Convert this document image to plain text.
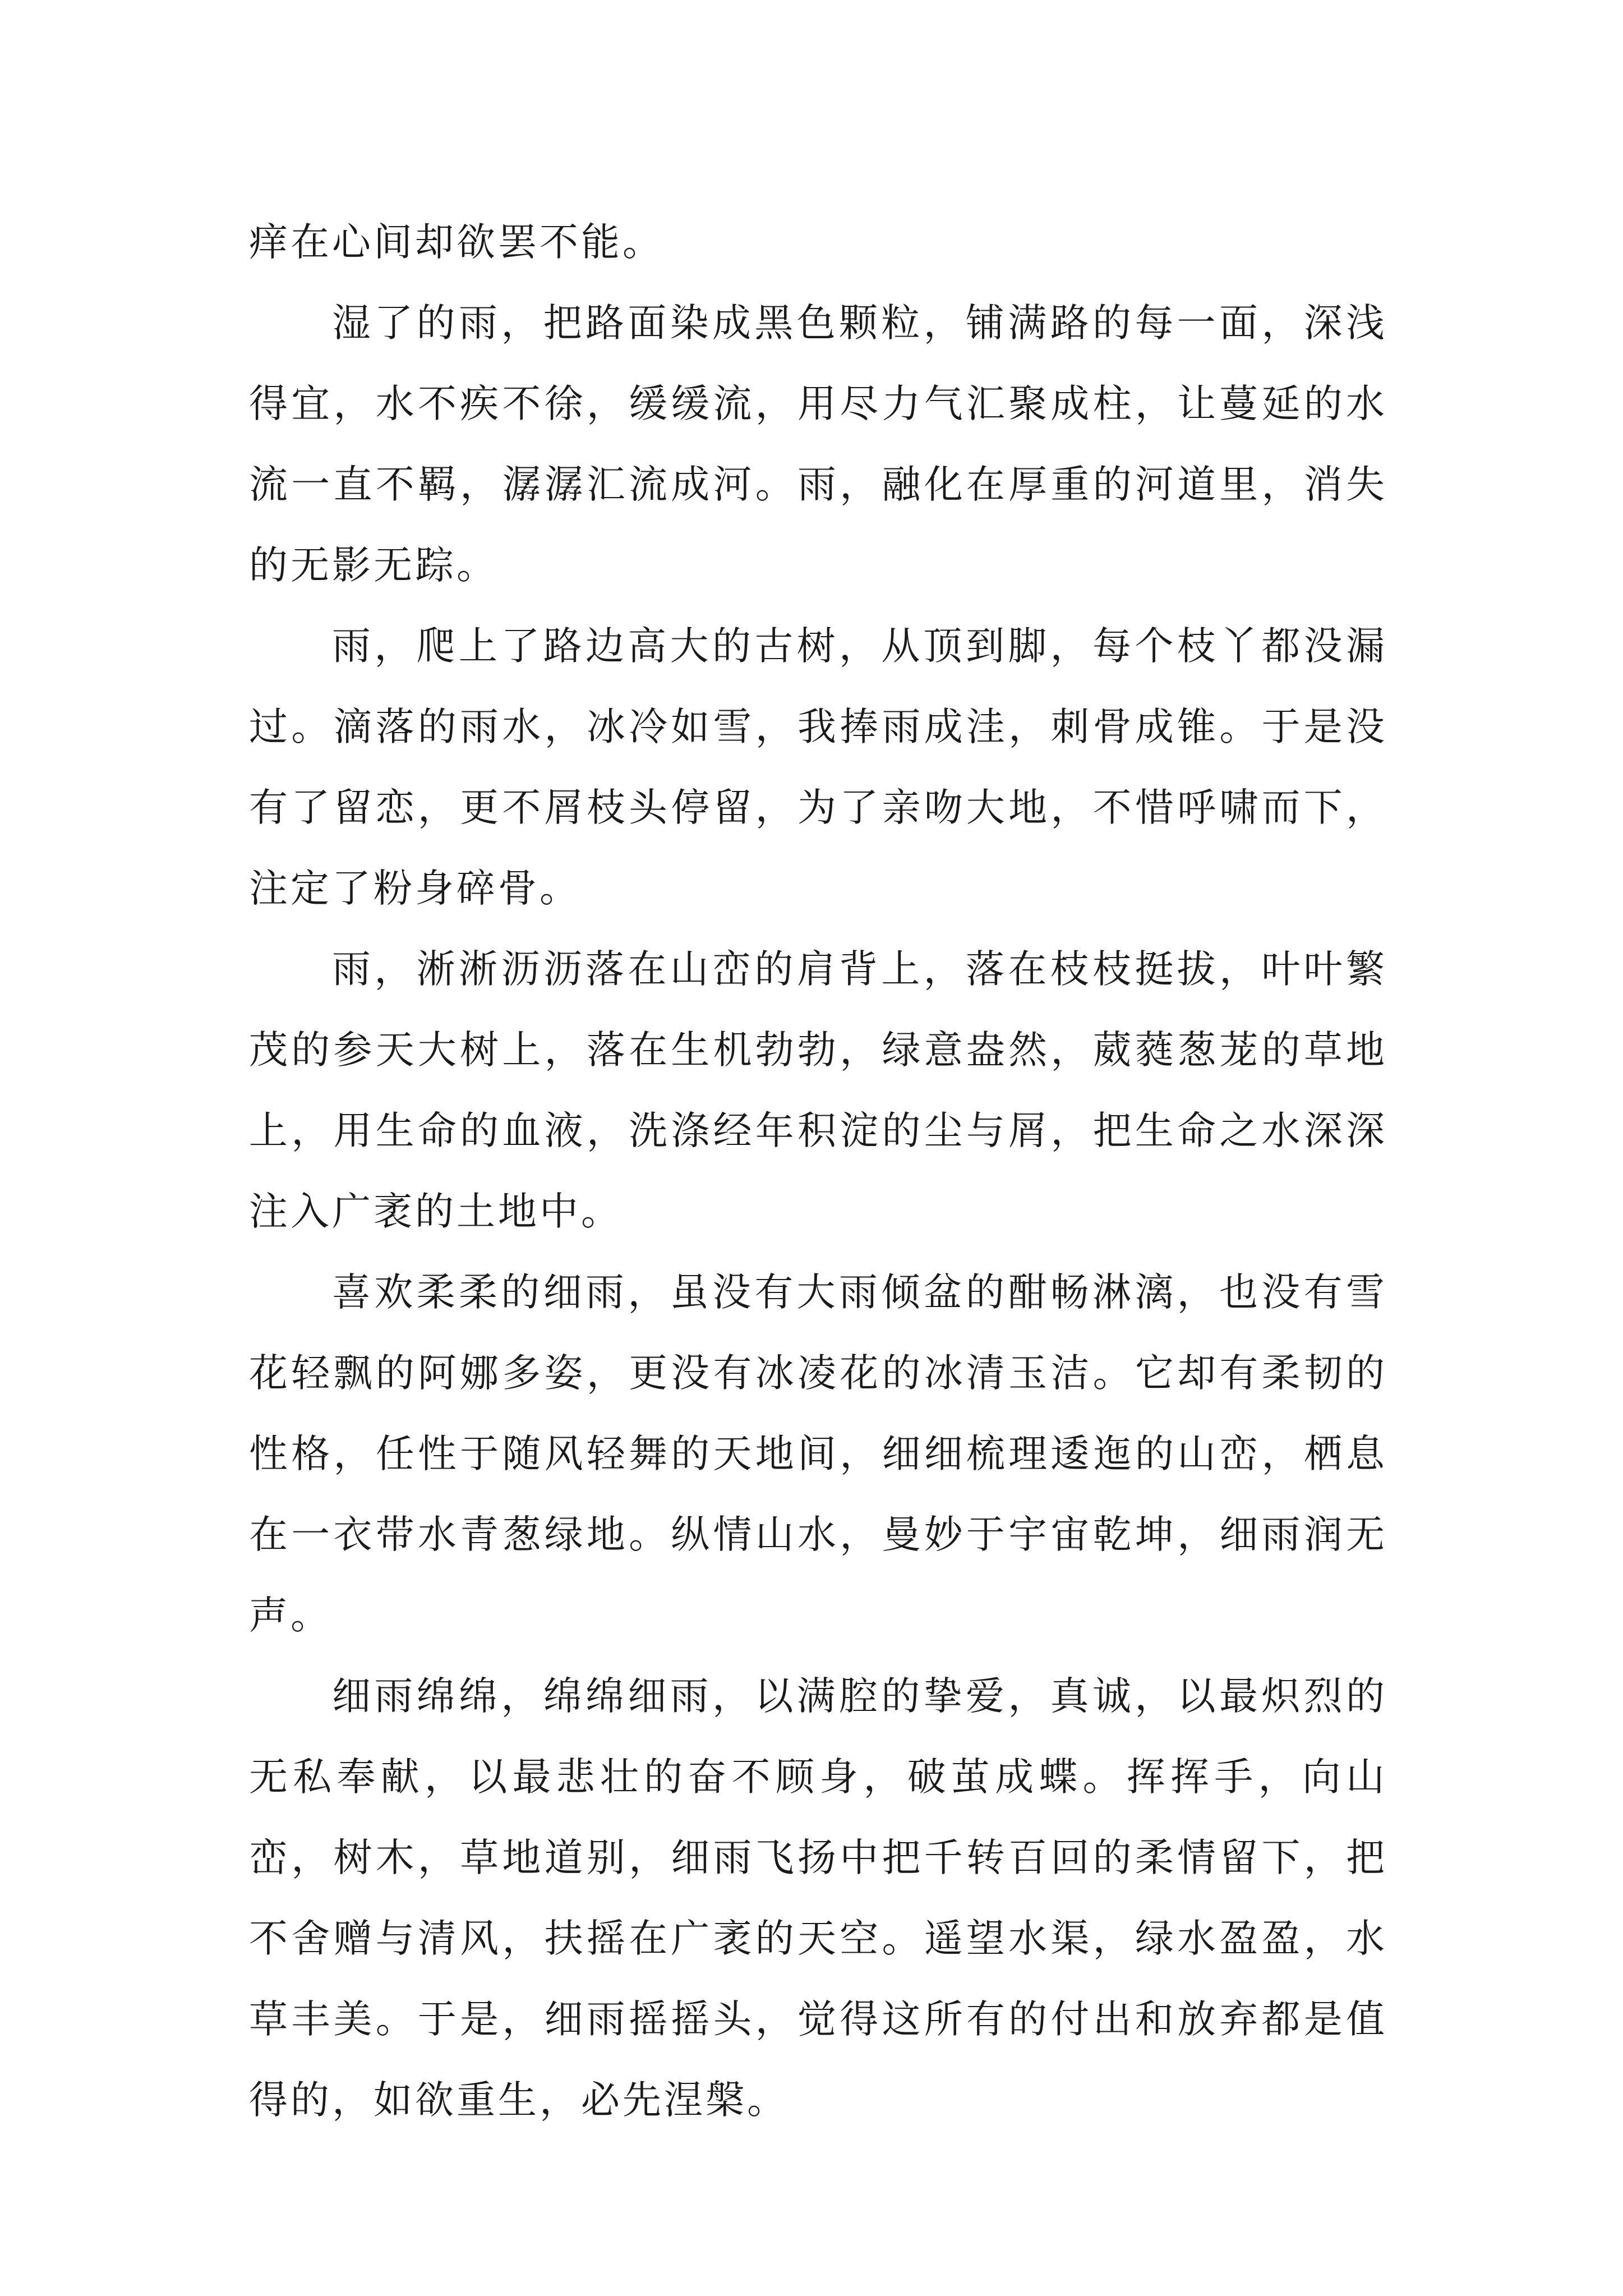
痒在心间却欲罢不能。

湿了的雨，把路面染成黑色颗粒，铺满路的每一面，深浅得宜，水不疾不徐，缓缓流，用尽力气汇聚成柱，让蔓延的水流一直不羁，潺潺汇流成河。雨，融化在厚重的河道里，消失的无影无踪。

雨，爬上了路边高大的古树，从顶到脚，每个枝丫都没漏过。滴落的雨水，冰冷如雪，我捧雨成洼，刺骨成锥。于是没有了留恋，更不屑枝头停留，为了亲吻大地，不惜呼啸而下，注定了粉身碎骨。

雨，淅淅沥沥落在山峦的肩背上，落在枝枝挺拔，叶叶繁茂的参天大树上，落在生机勃勃，绿意盎然，葳蕤葱茏的草地上，用生命的血液，洗涤经年积淀的尘与屑，把生命之水深深注入广袤的土地中。

喜欢柔柔的细雨，虽没有大雨倾盆的酣畅淋漓，也没有雪花轻飘的阿娜多姿，更没有冰凌花的冰清玉洁。它却有柔韧的性格，任性于随风轻舞的天地间，细细梳理逶迤的山峦，栖息在一衣带水青葱绿地。纵情山水，曼妙于宇宙乾坤，细雨润无声。

细雨绵绵，绵绵细雨，以满腔的挚爱，真诚，以最炽烈的无私奉献，以最悲壮的奋不顾身，破茧成蝶。挥挥手，向山峦，树木，草地道别，细雨飞扬中把千转百回的柔情留下，把不舍赠与清风，扶摇在广袤的天空。遥望水渠，绿水盈盈，水草丰美。于是，细雨摇摇头，觉得这所有的付出和放弃都是值得的，如欲重生，必先涅槃。
